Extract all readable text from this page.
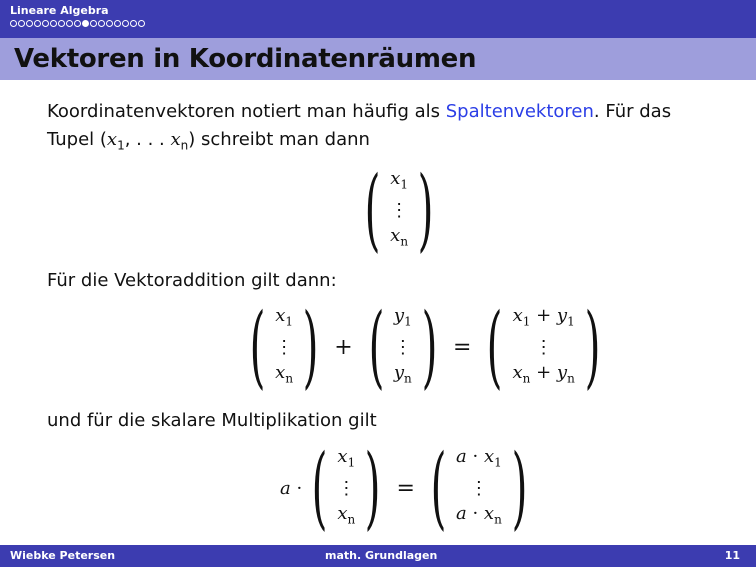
Lineare Algebra
Vektoren in Koordinatenräumen
Koordinatenvektoren notiert man häufig als Spaltenvektoren. Für das
Tupel ($x_1$, . . . $x_n$) schreibt man dann
( $x_1$
⋮
$x_n$ )
Für die Vektoraddition gilt dann:
( $x_1$
⋮
$x_n$ ) + ( $y_1$
⋮
$y_n$ ) = ( $x_1 + y_1$
⋮
$x_n + y_n$ )
und für die skalare Multiplikation gilt
a · ( $x_1$
⋮
$x_n$ ) = ( $a \cdot x_1$
⋮
$a \cdot x_n$ )
Wiebke Petersen	math. Grundlagen	11
